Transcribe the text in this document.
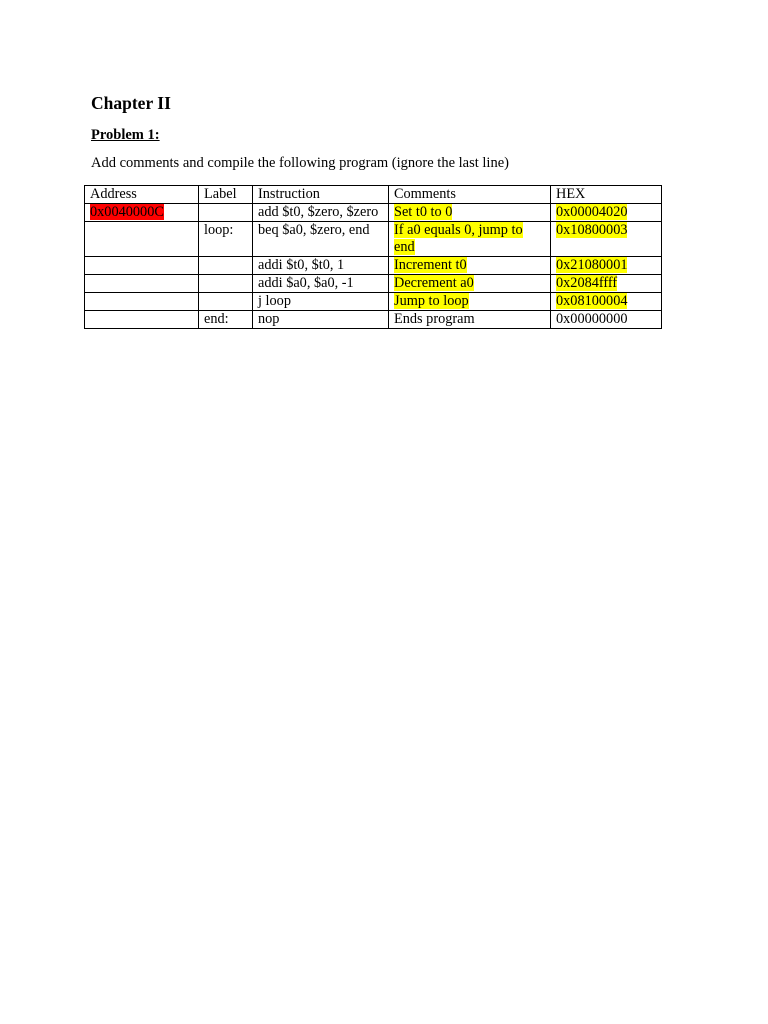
Chapter II

Problem 1:

Add comments and compile the following program (ignore the last line)

Address	Label	Instruction	Comments	HEX
0x0040000C		add $t0, $zero, $zero	Set t0 to 0	0x00004020
	loop:	beq $a0, $zero, end	If a0 equals 0, jump to end	0x10800003
		addi $t0, $t0, 1	Increment t0	0x21080001
		addi $a0, $a0, -1	Decrement a0	0x2084ffff
		j loop	Jump to loop	0x08100004
	end:	nop	Ends program	0x00000000
